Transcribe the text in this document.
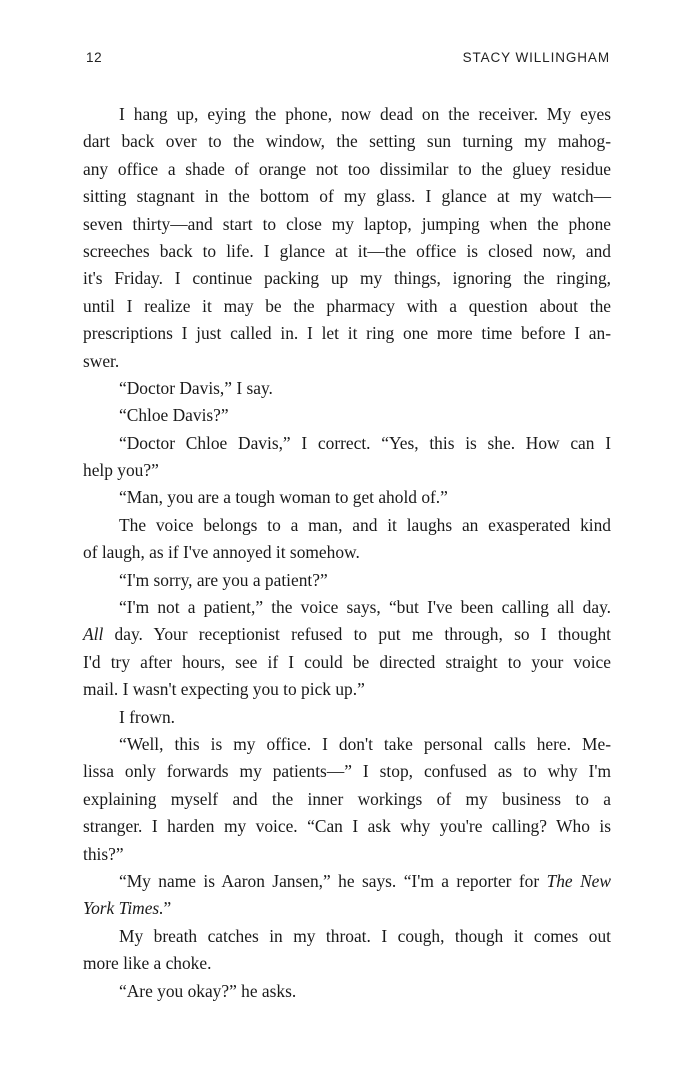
12	STACY WILLINGHAM
I hang up, eying the phone, now dead on the receiver. My eyes
dart back over to the window, the setting sun turning my mahog-
any office a shade of orange not too dissimilar to the gluey residue
sitting stagnant in the bottom of my glass. I glance at my watch—
seven thirty—and start to close my laptop, jumping when the phone
screeches back to life. I glance at it—the office is closed now, and
it's Friday. I continue packing up my things, ignoring the ringing,
until I realize it may be the pharmacy with a question about the
prescriptions I just called in. I let it ring one more time before I an-
swer.
“Doctor Davis,” I say.
“Chloe Davis?”
“Doctor Chloe Davis,” I correct. “Yes, this is she. How can I
help you?”
“Man, you are a tough woman to get ahold of.”
The voice belongs to a man, and it laughs an exasperated kind
of laugh, as if I've annoyed it somehow.
“I'm sorry, are you a patient?”
“I'm not a patient,” the voice says, “but I've been calling all day.
All day. Your receptionist refused to put me through, so I thought
I'd try after hours, see if I could be directed straight to your voice
mail. I wasn't expecting you to pick up.”
I frown.
“Well, this is my office. I don't take personal calls here. Me-
lissa only forwards my patients—” I stop, confused as to why I'm
explaining myself and the inner workings of my business to a
stranger. I harden my voice. “Can I ask why you're calling? Who is
this?”
“My name is Aaron Jansen,” he says. “I'm a reporter for The New
York Times.”
My breath catches in my throat. I cough, though it comes out
more like a choke.
“Are you okay?” he asks.
